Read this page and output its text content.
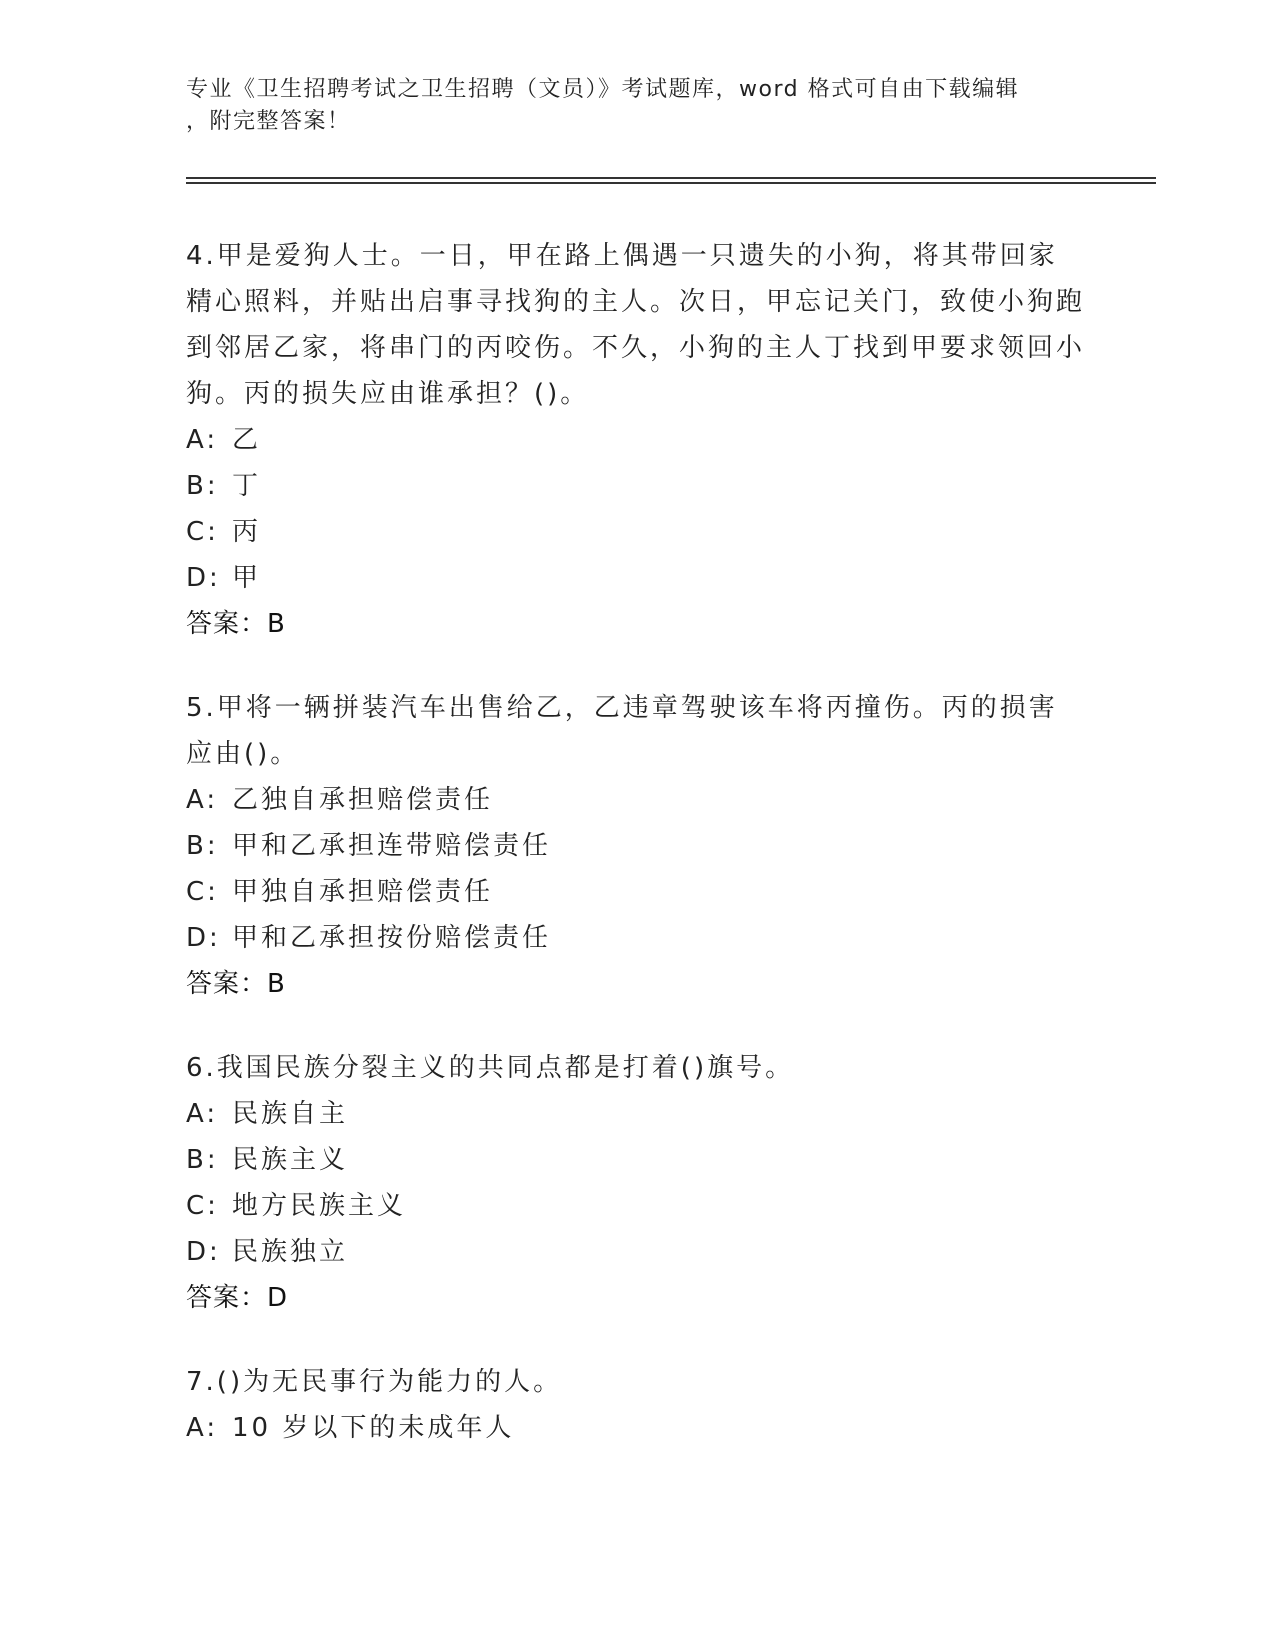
专业《卫生招聘考试之卫生招聘（文员）》考试题库，word 格式可自由下载编辑
，附完整答案！

4.甲是爱狗人士。一日，甲在路上偶遇一只遗失的小狗，将其带回家精心照料，并贴出启事寻找狗的主人。次日，甲忘记关门，致使小狗跑到邻居乙家，将串门的丙咬伤。不久，小狗的主人丁找到甲要求领回小狗。丙的损失应由谁承担？()。

A: 乙
B: 丁
C: 丙
D: 甲

答案：B

5.甲将一辆拼装汽车出售给乙，乙违章驾驶该车将丙撞伤。丙的损害应由()。

A: 乙独自承担赔偿责任
B: 甲和乙承担连带赔偿责任
C: 甲独自承担赔偿责任
D: 甲和乙承担按份赔偿责任

答案：B

6.我国民族分裂主义的共同点都是打着()旗号。

A: 民族自主
B: 民族主义
C: 地方民族主义
D: 民族独立

答案：D

7.()为无民事行为能力的人。

A: 10 岁以下的未成年人
